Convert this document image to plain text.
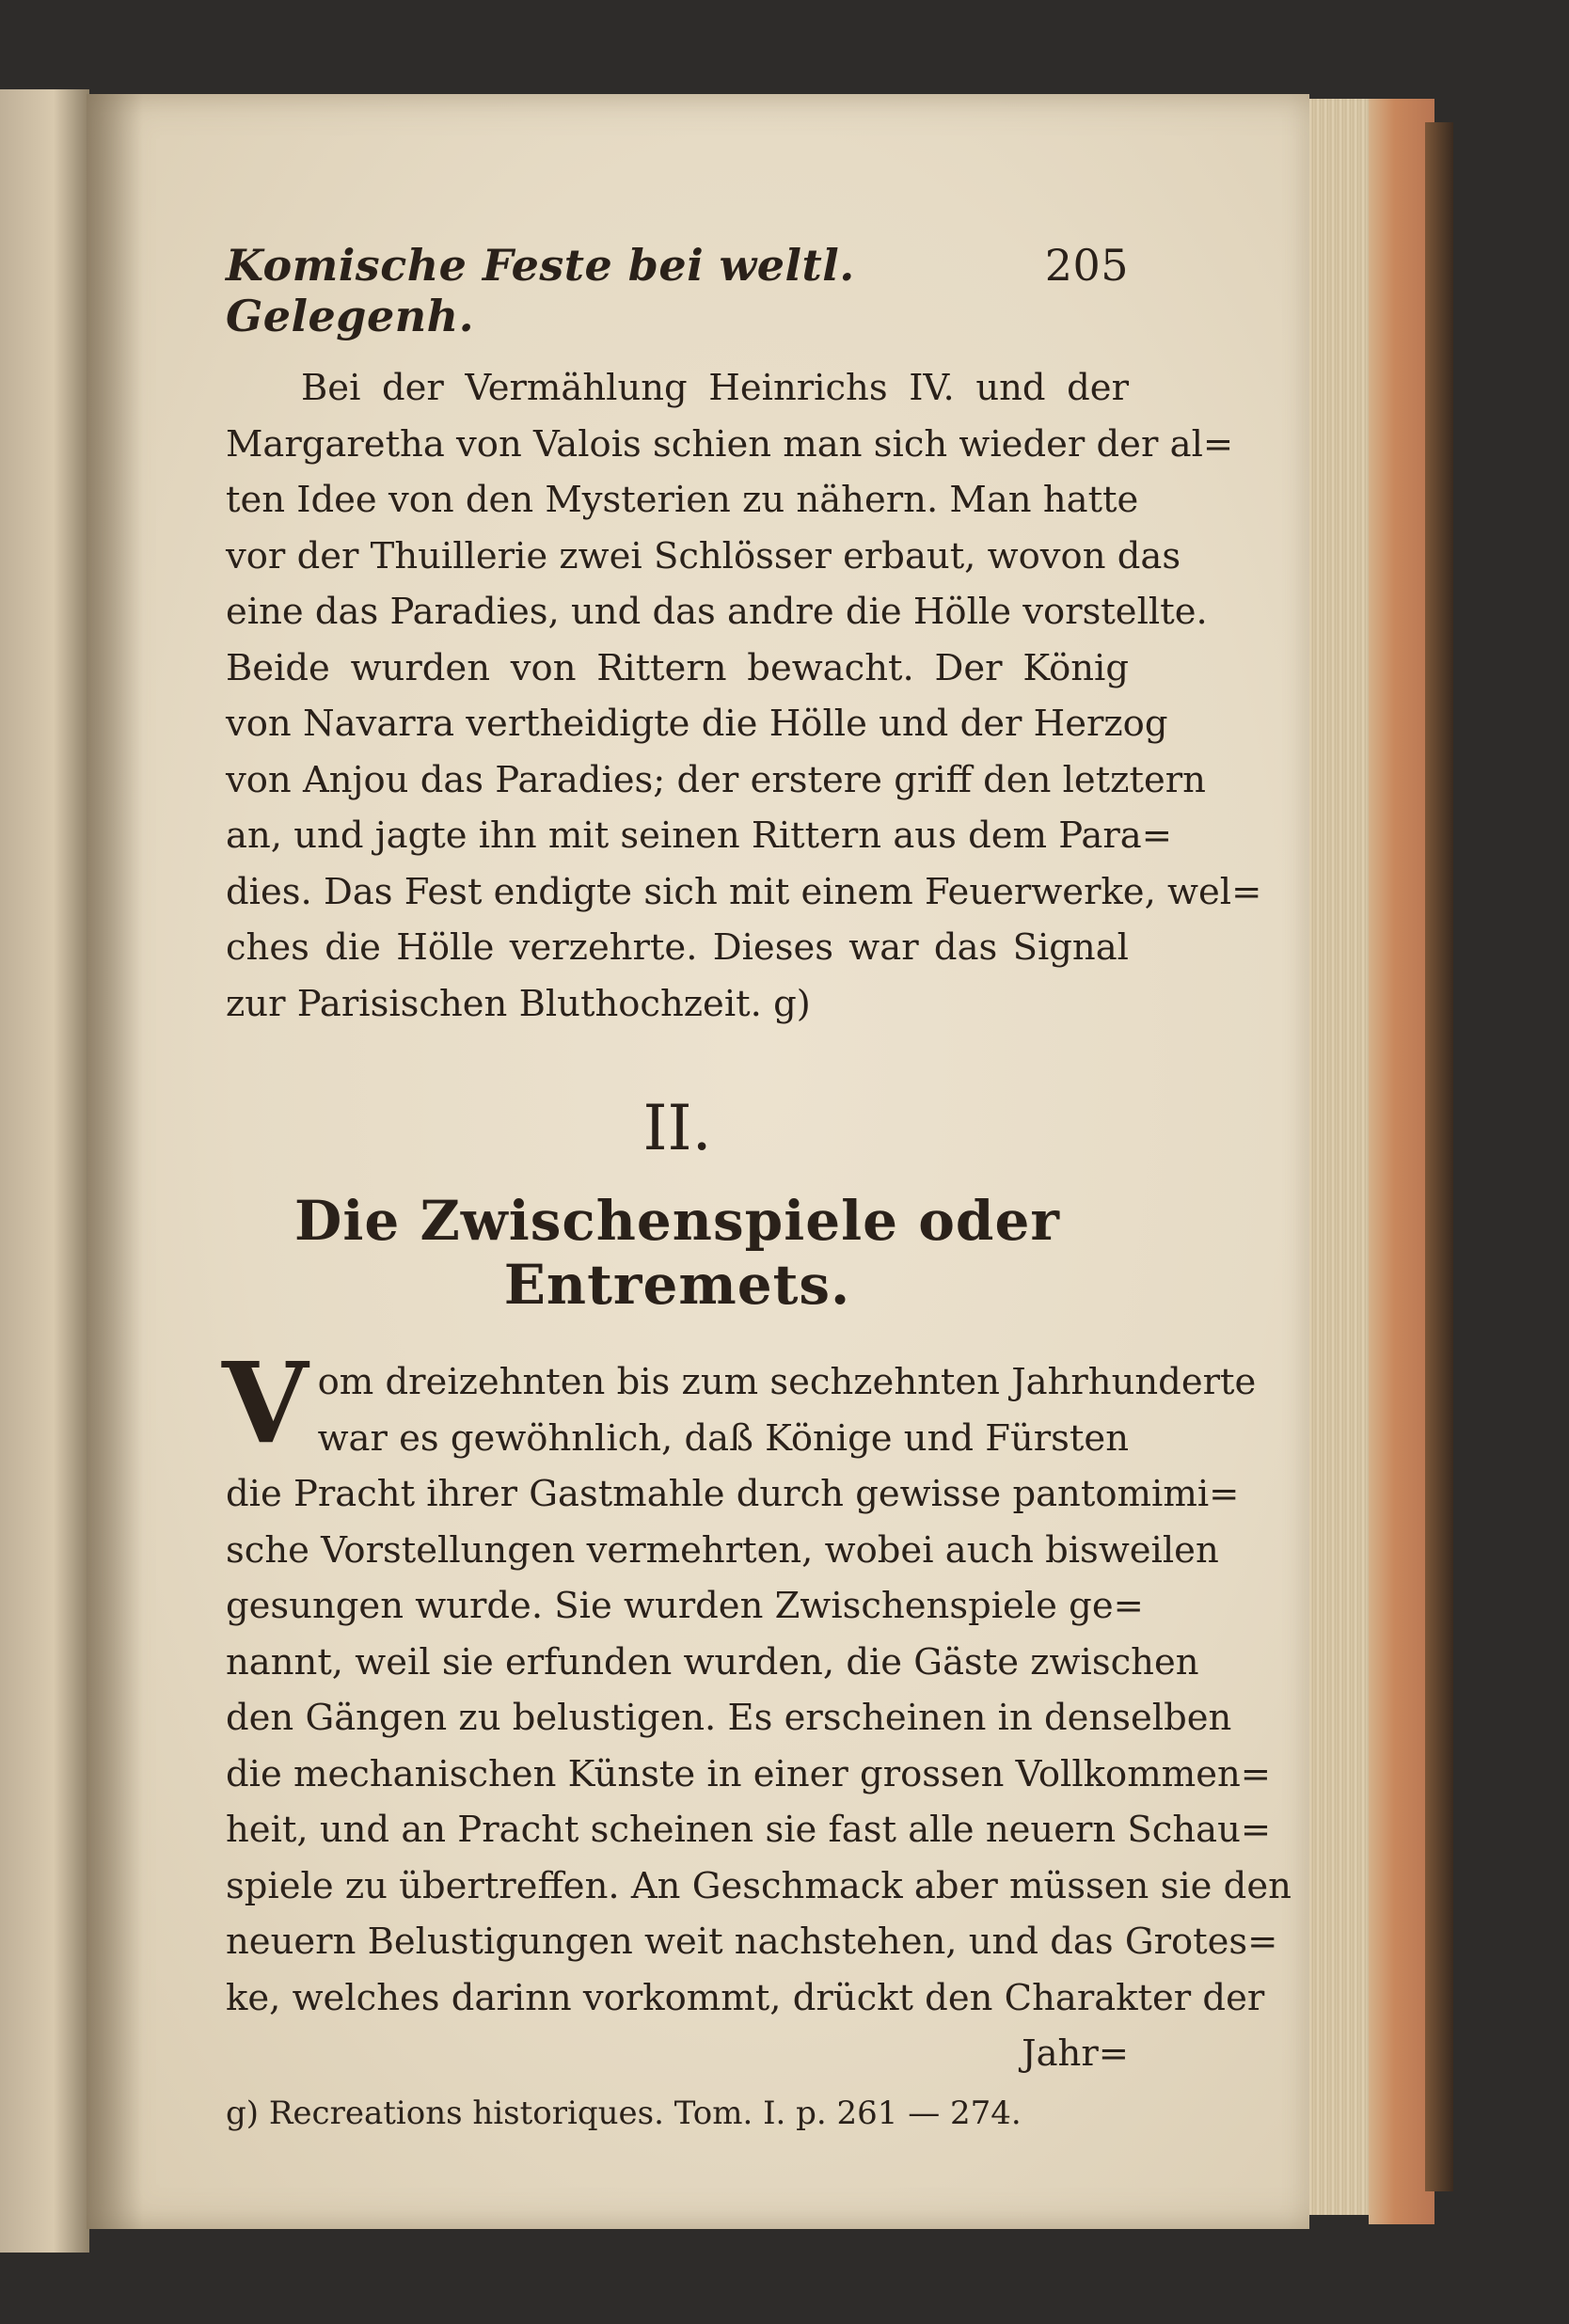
Komische Feste bei weltl. Gelegenh.
205

Bei der Vermählung Heinrichs IV. und der
Margaretha von Valois schien man sich wieder der al=
ten Idee von den Mysterien zu nähern. Man hatte
vor der Thuillerie zwei Schlösser erbaut, wovon das
eine das Paradies, und das andre die Hölle vorstellte.
Beide wurden von Rittern bewacht. Der König
von Navarra vertheidigte die Hölle und der Herzog
von Anjou das Paradies; der erstere griff den letztern
an, und jagte ihn mit seinen Rittern aus dem Para=
dies. Das Fest endigte sich mit einem Feuerwerke, wel=
ches die Hölle verzehrte. Dieses war das Signal
zur Parisischen Bluthochzeit. g)

II.
Die Zwischenspiele oder Entremets.
V om dreizehnten bis zum sechzehnten Jahrhunderte
war es gewöhnlich, daß Könige und Fürsten
die Pracht ihrer Gastmahle durch gewisse pantomimi=
sche Vorstellungen vermehrten, wobei auch bisweilen
gesungen wurde. Sie wurden Zwischenspiele ge=
nannt, weil sie erfunden wurden, die Gäste zwischen
den Gängen zu belustigen. Es erscheinen in denselben
die mechanischen Künste in einer grossen Vollkommen=
heit, und an Pracht scheinen sie fast alle neuern Schau=
spiele zu übertreffen. An Geschmack aber müssen sie den
neuern Belustigungen weit nachstehen, und das Grotes=
ke, welches darinn vorkommt, drückt den Charakter der

Jahr=
g) Recreations historiques. Tom. I. p. 261 — 274.
